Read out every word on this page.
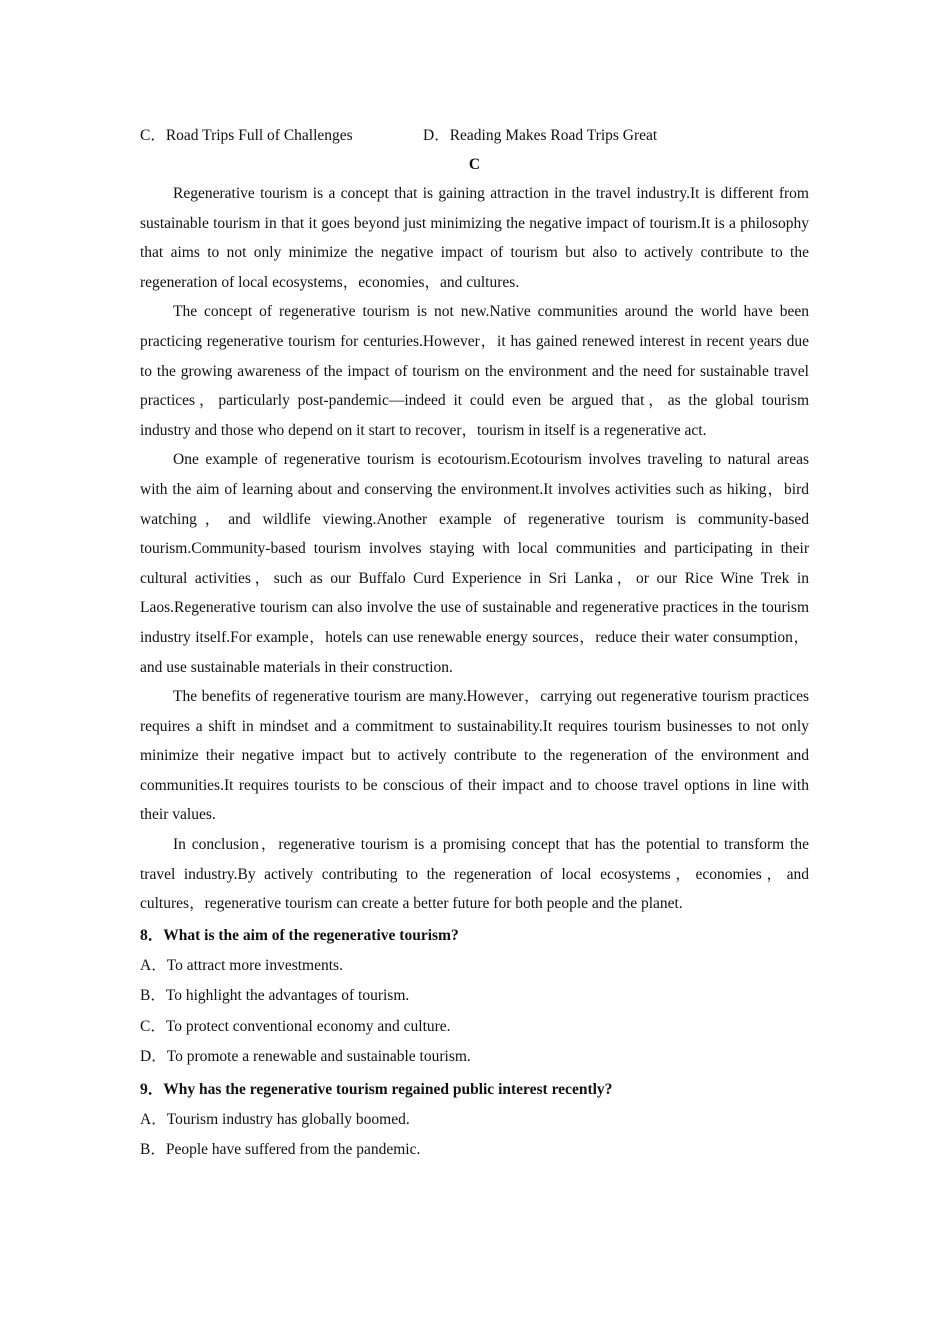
C．Road Trips Full of Challenges	D．Reading Makes Road Trips Great
C

Regenerative tourism is a concept that is gaining attraction in the travel industry.It is different from sustainable tourism in that it goes beyond just minimizing the negative impact of tourism.It is a philosophy that aims to not only minimize the negative impact of tourism but also to actively contribute to the regeneration of local ecosystems，economies，and cultures.

The concept of regenerative tourism is not new.Native communities around the world have been practicing regenerative tourism for centuries.However，it has gained renewed interest in recent years due to the growing awareness of the impact of tourism on the environment and the need for sustainable travel practices，particularly post-pandemic—indeed it could even be argued that，as the global tourism industry and those who depend on it start to recover，tourism in itself is a regenerative act.

One example of regenerative tourism is ecotourism.Ecotourism involves traveling to natural areas with the aim of learning about and conserving the environment.It involves activities such as hiking，bird watching，and wildlife viewing.Another example of regenerative tourism is community-based tourism.Community-based tourism involves staying with local communities and participating in their cultural activities，such as our Buffalo Curd Experience in Sri Lanka，or our Rice Wine Trek in Laos.Regenerative tourism can also involve the use of sustainable and regenerative practices in the tourism industry itself.For example，hotels can use renewable energy sources，reduce their water consumption，and use sustainable materials in their construction.

The benefits of regenerative tourism are many.However，carrying out regenerative tourism practices requires a shift in mindset and a commitment to sustainability.It requires tourism businesses to not only minimize their negative impact but to actively contribute to the regeneration of the environment and communities.It requires tourists to be conscious of their impact and to choose travel options in line with their values.

In conclusion，regenerative tourism is a promising concept that has the potential to transform the travel industry.By actively contributing to the regeneration of local ecosystems，economies，and cultures，regenerative tourism can create a better future for both people and the planet.

8．What is the aim of the regenerative tourism?

A．To attract more investments.

B．To highlight the advantages of tourism.

C．To protect conventional economy and culture.

D．To promote a renewable and sustainable tourism.

9．Why has the regenerative tourism regained public interest recently?

A．Tourism industry has globally boomed.

B．People have suffered from the pandemic.
